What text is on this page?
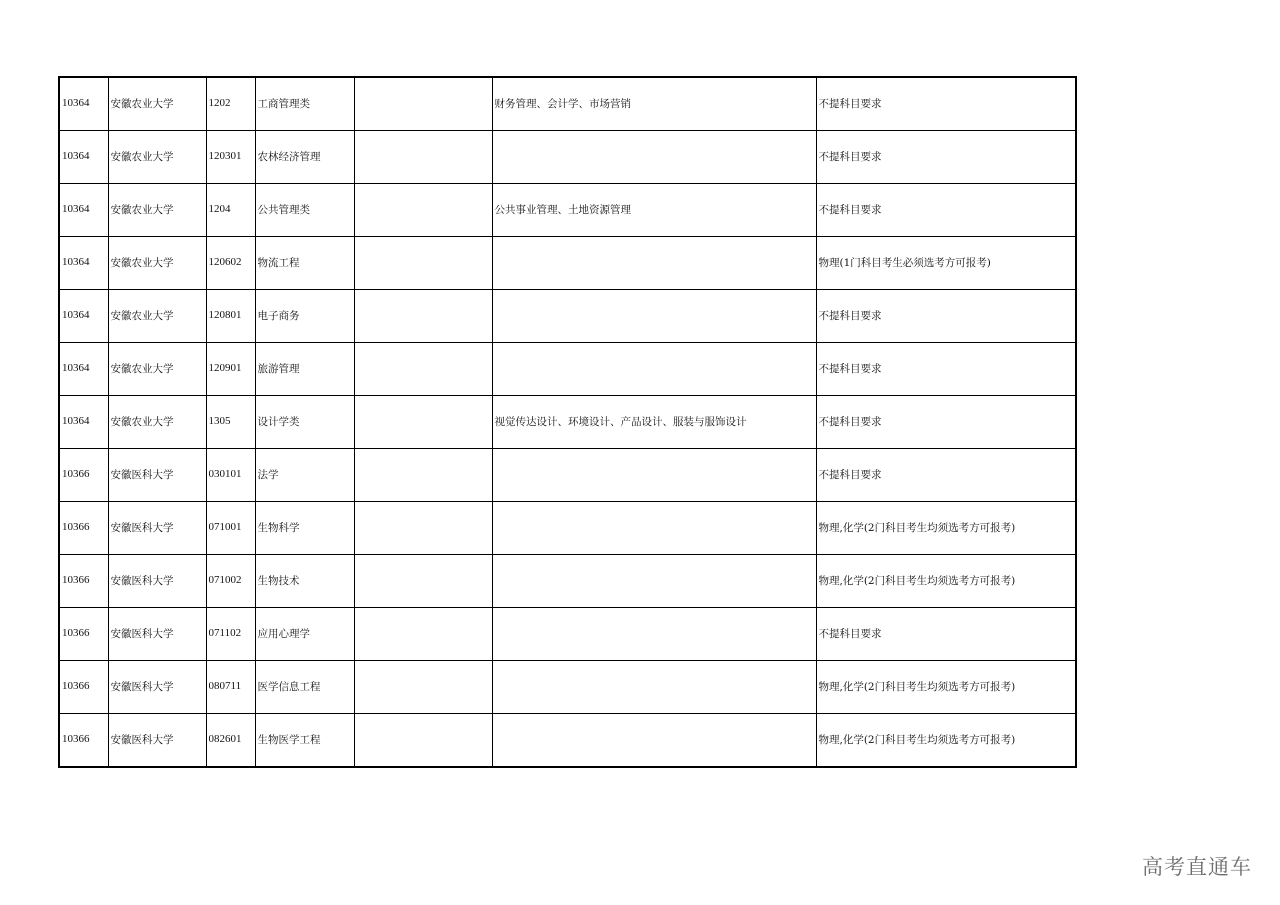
10364	安徽农业大学	1202	工商管理类		财务管理、会计学、市场营销	不提科目要求
10364	安徽农业大学	120301	农林经济管理			不提科目要求
10364	安徽农业大学	1204	公共管理类		公共事业管理、土地资源管理	不提科目要求
10364	安徽农业大学	120602	物流工程			物理(1门科目考生必须选考方可报考)
10364	安徽农业大学	120801	电子商务			不提科目要求
10364	安徽农业大学	120901	旅游管理			不提科目要求
10364	安徽农业大学	1305	设计学类		视觉传达设计、环境设计、产品设计、服装与服饰设计	不提科目要求
10366	安徽医科大学	030101	法学			不提科目要求
10366	安徽医科大学	071001	生物科学			物理,化学(2门科目考生均须选考方可报考)
10366	安徽医科大学	071002	生物技术			物理,化学(2门科目考生均须选考方可报考)
10366	安徽医科大学	071102	应用心理学			不提科目要求
10366	安徽医科大学	080711	医学信息工程			物理,化学(2门科目考生均须选考方可报考)
10366	安徽医科大学	082601	生物医学工程			物理,化学(2门科目考生均须选考方可报考)
高考直通车
